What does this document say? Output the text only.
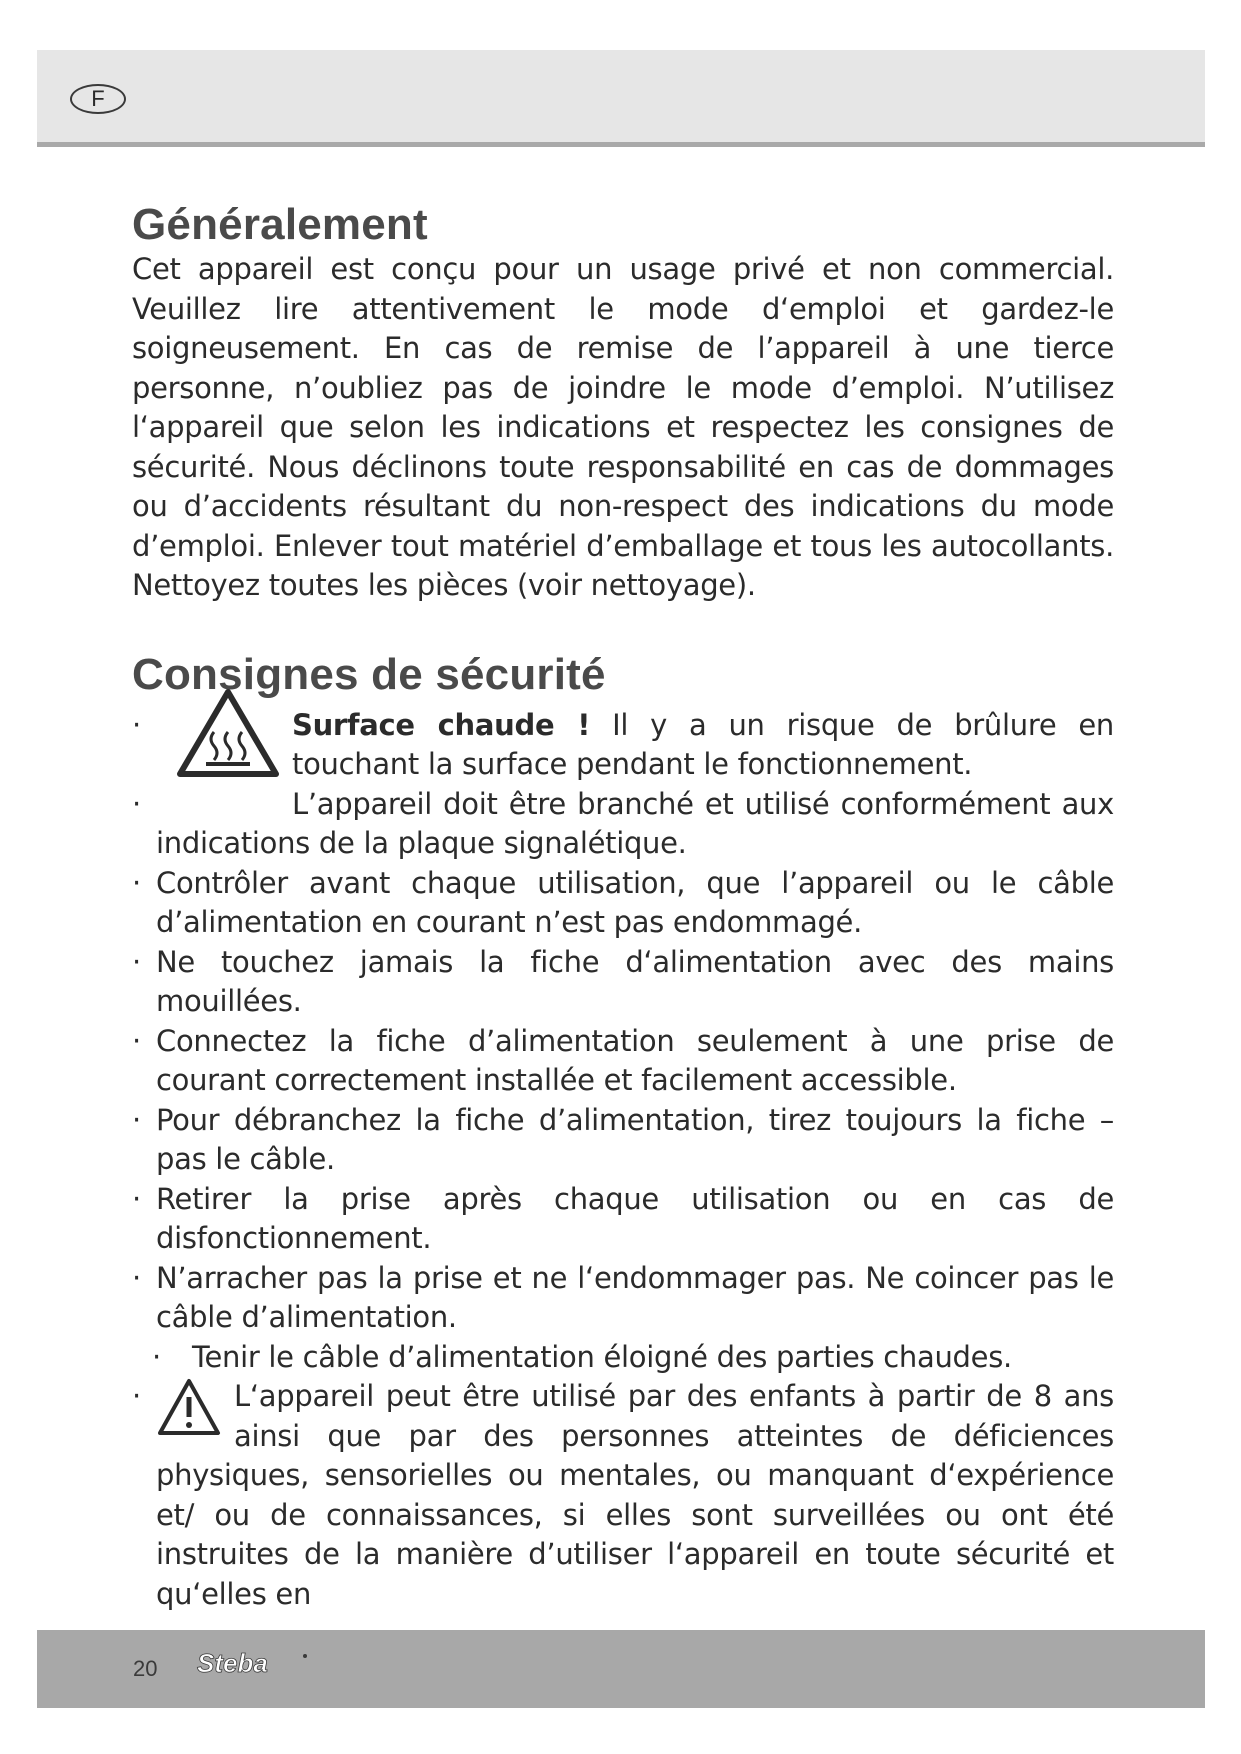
F
Généralement

Cet appareil est conçu pour un usage privé et non commercial. Veuillez lire attentivement le mode d‘emploi et gardez-le soigneusement. En cas de remise de l’appareil à une tierce personne, n’oubliez pas de joindre le mode d’emploi. N’utilisez l‘appareil que selon les indications et respectez les consignes de sécurité. Nous déclinons toute responsabilité en cas de dommages ou d’accidents résultant du non-respect des indications du mode d’emploi. Enlever tout matériel d’emballage et tous les autocollants. Nettoyez toutes les pièces (voir nettoyage).

Consignes de sécurité
· Surface chaude ! Il y a un risque de brûlure en touchant la surface pendant le fonctionnement.
· L’appareil doit être branché et utilisé conformément aux indications de la plaque signalétique.
· Contrôler avant chaque utilisation, que l’appareil ou le câble d’alimentation en courant n’est pas endommagé.
· Ne touchez jamais la fiche d‘alimentation avec des mains mouillées.
· Connectez la fiche d’alimentation seulement à une prise de courant correctement installée et facilement accessible.
· Pour débranchez la fiche d’alimentation, tirez toujours la fiche – pas le câble.
· Retirer la prise après chaque utilisation ou en cas de disfonctionnement.
· N’arracher pas la prise et ne l‘endommager pas. Ne coincer pas le câble d’alimentation.
· Tenir le câble d’alimentation éloigné des parties chaudes.
· L‘appareil peut être utilisé par des enfants à partir de 8 ans ainsi que par des personnes atteintes de déficiences physiques, sensorielles ou mentales, ou manquant d‘expérience et/ ou de connaissances, si elles sont surveillées ou ont été instruites de la manière d’utiliser l‘appareil en toute sécurité et qu‘elles en
20 Steba
